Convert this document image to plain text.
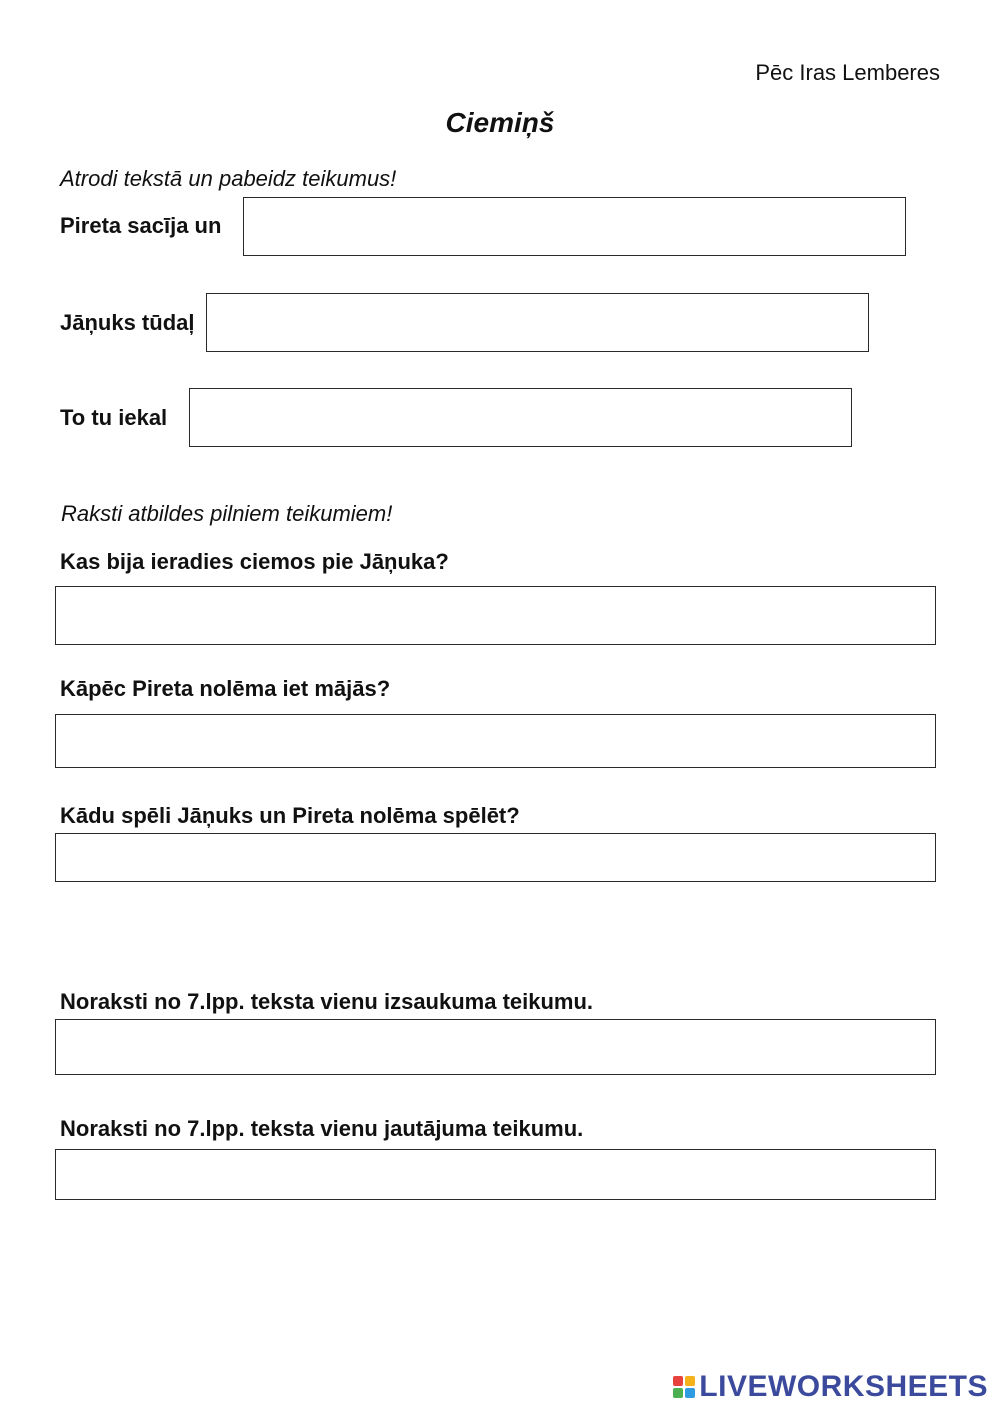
Pēc Iras Lemberes
Ciemiņš
Atrodi tekstā un pabeidz teikumus!
Pireta sacīja un
Jāņuks tūdaļ
To tu iekal
Raksti atbildes pilniem teikumiem!
Kas bija ieradies ciemos pie Jāņuka?
Kāpēc Pireta nolēma iet mājās?
Kādu spēli Jāņuks un Pireta nolēma spēlēt?
Noraksti no 7.lpp. teksta vienu izsaukuma teikumu.
Noraksti no 7.lpp. teksta vienu jautājuma teikumu.
LIVEWORKSHEETS
